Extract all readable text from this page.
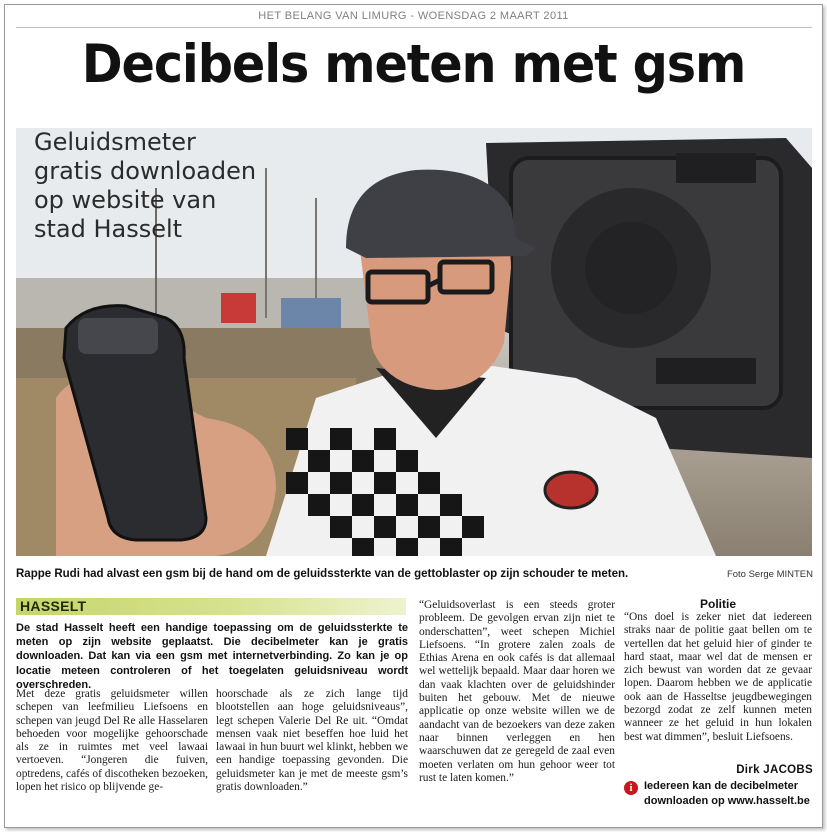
HET BELANG VAN LIMURG - WOENSDAG 2 MAART 2011
Decibels meten met gsm
Geluidsmeter
gratis downloaden
op website van
stad Hasselt
Rappe Rudi had alvast een gsm bij de hand om de geluidssterkte van de gettoblaster op zijn schouder te meten.	Foto Serge MINTEN
HASSELT
De stad Hasselt heeft een handige toepassing om de geluidssterkte te meten op zijn website geplaatst. Die decibelmeter kan je gratis downloaden. Dat kan via een gsm met internetverbinding. Zo kan je op locatie meteen controleren of het toegelaten geluidsniveau wordt overschreden.

Met deze gratis geluidsmeter willen schepen van leefmilieu Liefsoens en schepen van jeugd Del Re alle Hasselaren behoeden voor mogelijke gehoorschade als ze in ruimtes met veel lawaai vertoeven. “Jongeren die fuiven, optredens, cafés of discotheken bezoeken, lopen het risico op blijvende ge-

hoorschade als ze zich lange tijd blootstellen aan hoge geluidsniveaus”, legt schepen Valerie Del Re uit. “Omdat mensen vaak niet beseffen hoe luid het lawaai in hun buurt wel klinkt, hebben we een handige toepassing gevonden. Die geluidsmeter kan je met de meeste gsm’s gratis downloaden.”

“Geluidsoverlast is een steeds groter probleem. De gevolgen ervan zijn niet te onderschatten”, weet schepen Michiel Liefsoens. “In grotere zalen zoals de Ethias Arena en ook cafés is dat allemaal wel wettelijk bepaald. Maar daar horen we dan vaak klachten over de geluidshinder buiten het gebouw. Met de nieuwe applicatie op onze website willen we de aandacht van de bezoekers van deze zaken naar binnen verleggen en hen waarschuwen dat ze geregeld de zaal even moeten verlaten om hun gehoor weer tot rust te laten komen.”

Politie

“Ons doel is zeker niet dat iedereen straks naar de politie gaat bellen om te vertellen dat het geluid hier of ginder te hard staat, maar wel dat de mensen er zich bewust van worden dat ze gevaar lopen. Daarom hebben we de applicatie ook aan de Hasseltse jeugdbewegingen bezorgd zodat ze zelf kunnen meten wanneer ze het geluid in hun lokalen best wat dimmen”, besluit Liefsoens.

Dirk JACOBS
i	Iedereen kan de decibelmeter downloaden op www.hasselt.be
